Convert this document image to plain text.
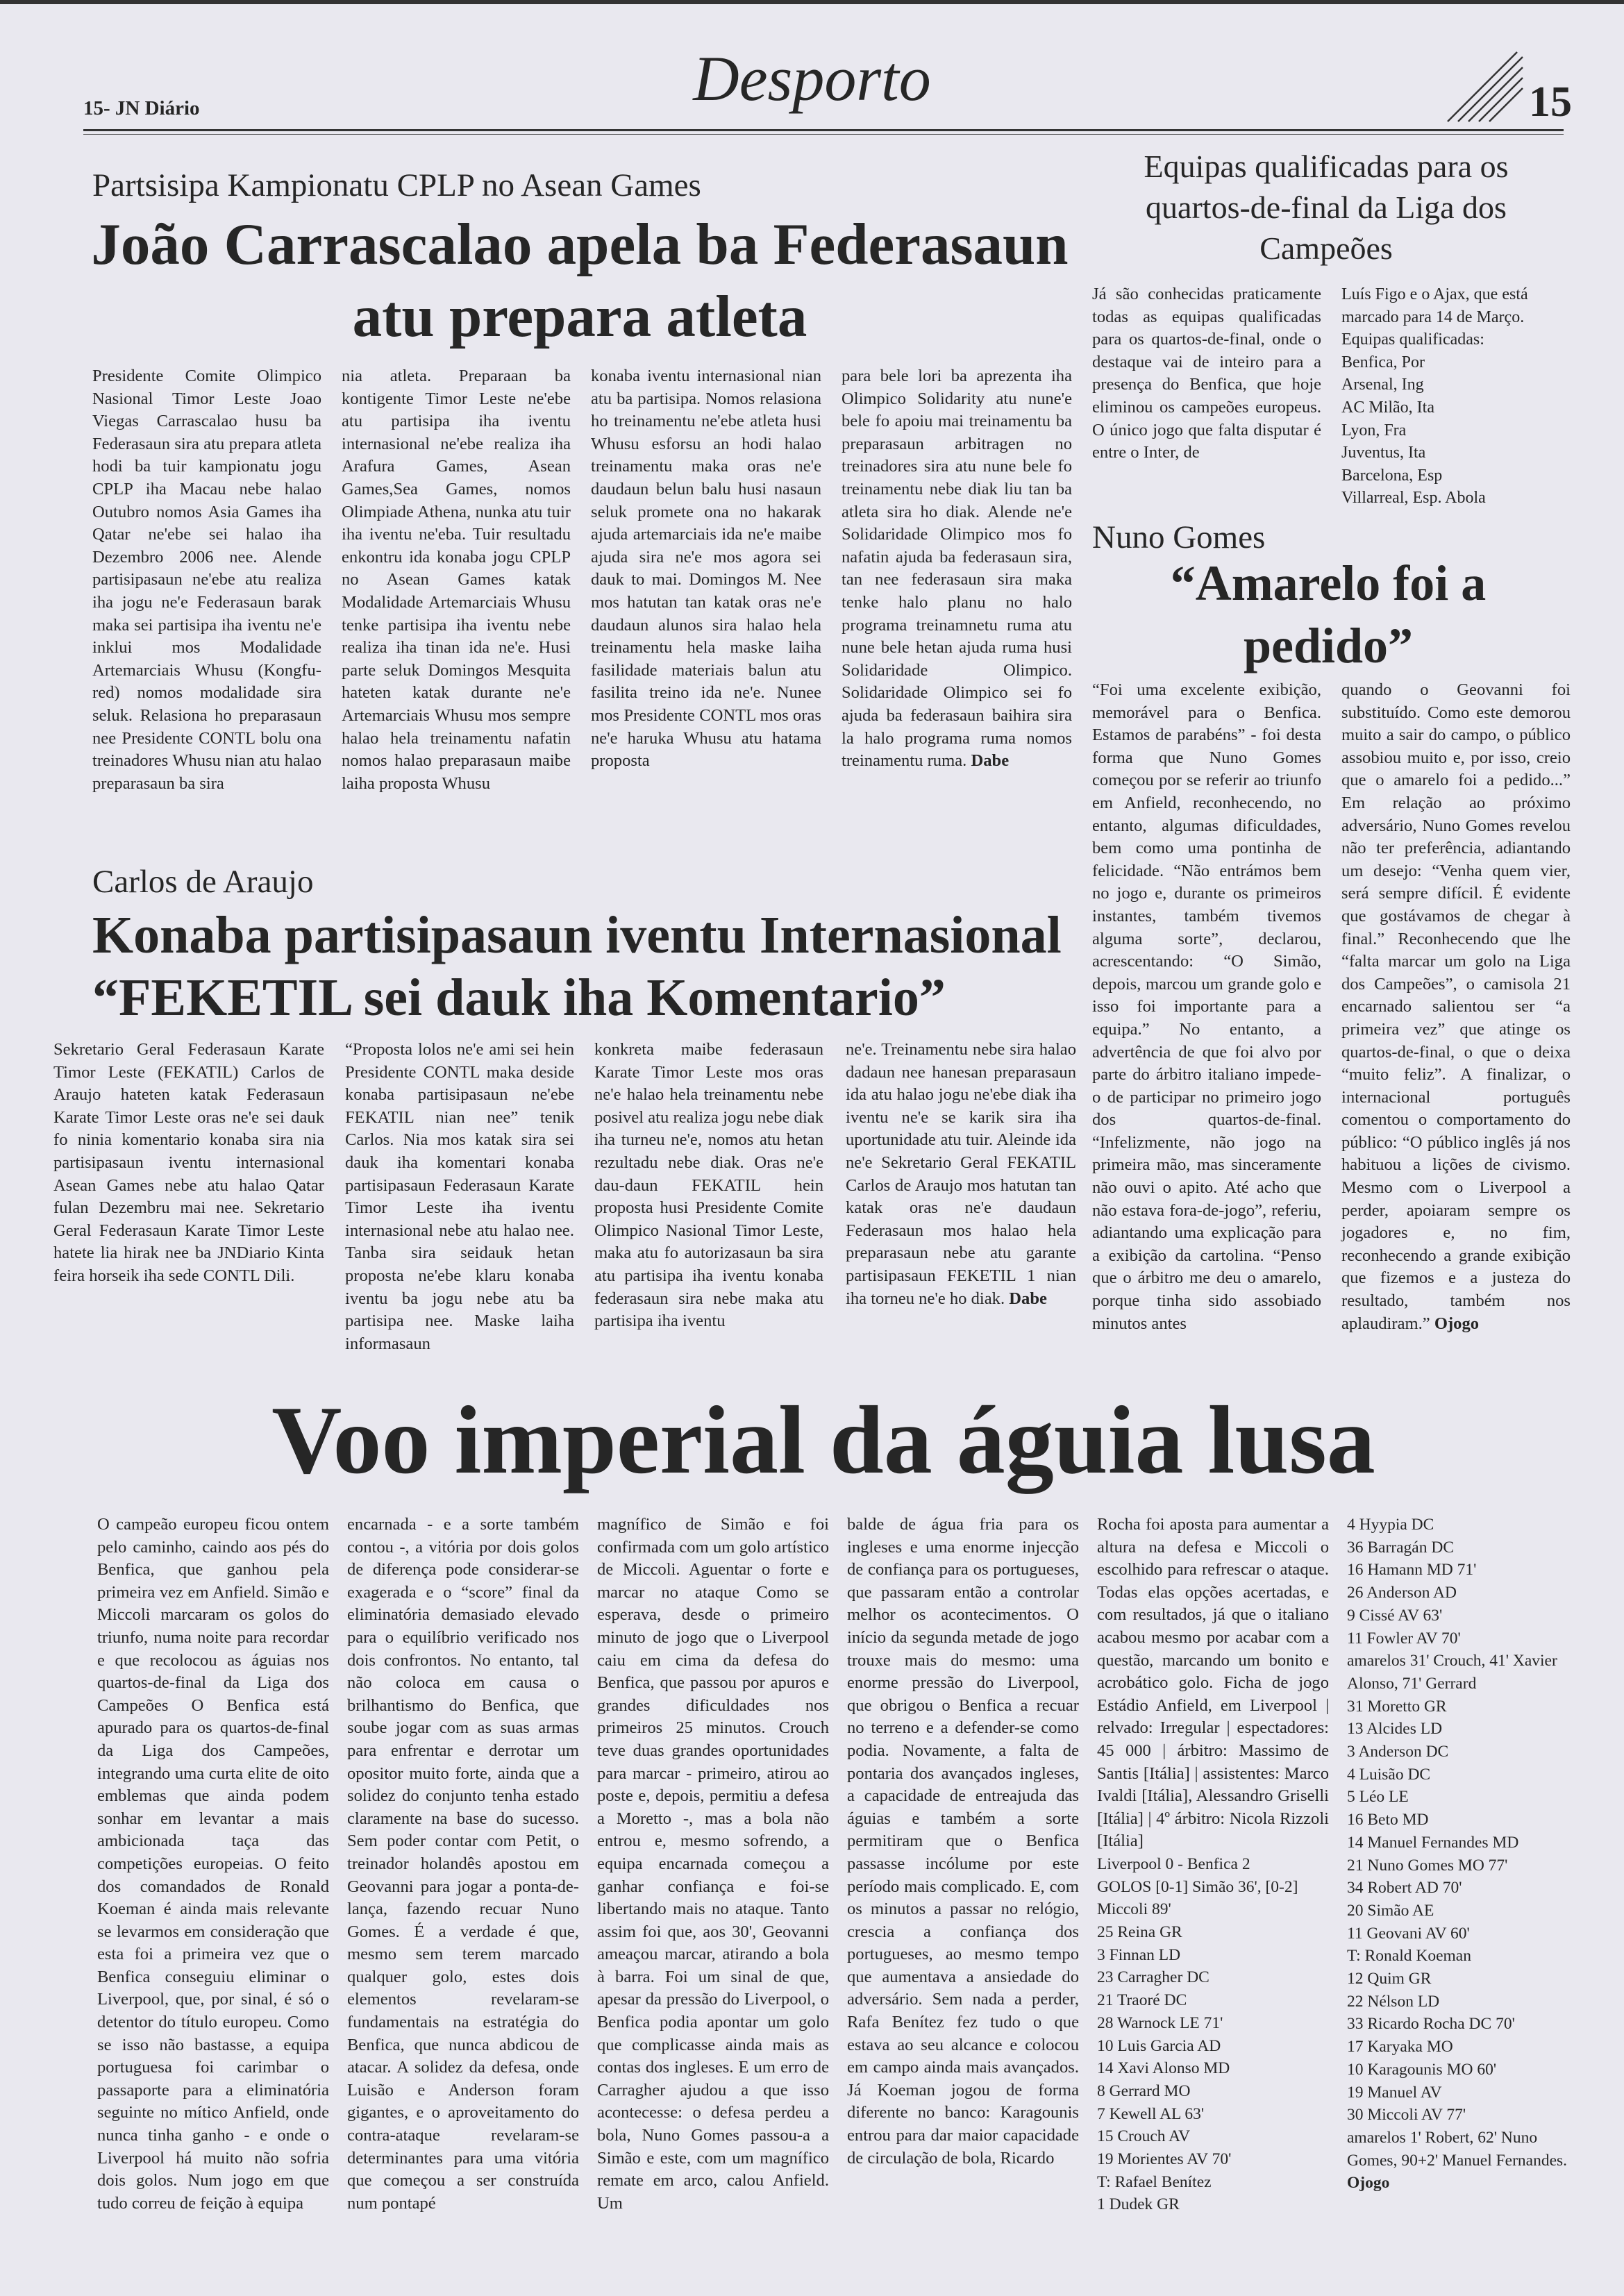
15- JN Diário	Desporto	15
Partsisipa Kampionatu CPLP no Asean Games
João Carrascalao apela ba Federasaun atu prepara atleta
Presidente Comite Olimpico Nasional Timor Leste Joao Viegas Carrascalao husu ba Federasaun sira atu prepara atleta hodi ba tuir kampionatu jogu CPLP iha Macau nebe halao Outubro nomos Asia Games iha Qatar ne'ebe sei halao iha Dezembro 2006 nee. Alende partisipasaun ne'ebe atu realiza iha jogu ne'e Federasaun barak maka sei partisipa iha iventu ne'e inklui mos Modalidade Artemarciais Whusu (Kongfu- red) nomos modalidade sira seluk. Relasiona ho preparasaun nee Presidente CONTL bolu ona treinadores Whusu nian atu halao preparasaun ba sira
nia atleta. Preparaan ba kontigente Timor Leste ne'ebe atu partisipa iha iventu internasional ne'ebe realiza iha Arafura Games, Asean Games,Sea Games, nomos Olimpiade Athena, nunka atu tuir iha iventu ne'eba. Tuir resultadu enkontru ida konaba jogu CPLP no Asean Games katak Modalidade Artemarciais Whusu tenke partisipa iha iventu nebe realiza iha tinan ida ne'e. Husi parte seluk Domingos Mesquita hateten katak durante ne'e Artemarciais Whusu mos sempre halao hela treinamentu nafatin nomos halao preparasaun maibe laiha proposta Whusu
konaba iventu internasional nian atu ba partisipa. Nomos relasiona ho treinamentu ne'ebe atleta husi Whusu esforsu an hodi halao treinamentu maka oras ne'e daudaun belun balu husi nasaun seluk promete ona no hakarak ajuda artemarciais ida ne'e maibe ajuda sira ne'e mos agora sei dauk to mai. Domingos M. Nee mos hatutan tan katak oras ne'e daudaun alunos sira halao hela treinamentu hela maske laiha fasilidade materiais balun atu fasilita treino ida ne'e. Nunee mos Presidente CONTL mos oras ne'e haruka Whusu atu hatama proposta
para bele lori ba aprezenta iha Olimpico Solidarity atu nune'e bele fo apoiu mai treinamentu ba preparasaun arbitragen no treinadores sira atu nune bele fo treinamentu nebe diak liu tan ba atleta sira ho diak. Alende ne'e Solidaridade Olimpico mos fo nafatin ajuda ba federasaun sira, tan nee federasaun sira maka tenke halo planu no halo programa treinamnetu ruma atu nune bele hetan ajuda ruma husi Solidaridade Olimpico. Solidaridade Olimpico sei fo ajuda ba federasaun baihira sira la halo programa ruma nomos treinamentu ruma. Dabe
Carlos de Araujo
Konaba partisipasaun iventu Internasional
“FEKETIL sei dauk iha Komentario”
Sekretario Geral Federasaun Karate Timor Leste (FEKATIL) Carlos de Araujo hateten katak Federasaun Karate Timor Leste oras ne'e sei dauk fo ninia komentario konaba sira nia partisipasaun iventu internasional Asean Games nebe atu halao Qatar fulan Dezembru mai nee. Sekretario Geral Federasaun Karate Timor Leste hatete lia hirak nee ba JNDiario Kinta feira horseik iha sede CONTL Dili.
“Proposta lolos ne'e ami sei hein Presidente CONTL maka deside konaba partisipasaun ne'ebe FEKATIL nian nee” tenik Carlos. Nia mos katak sira sei dauk iha komentari konaba partisipasaun Federasaun Karate Timor Leste iha iventu internasional nebe atu halao nee. Tanba sira seidauk hetan proposta ne'ebe klaru konaba iventu ba jogu nebe atu ba partisipa nee. Maske laiha informasaun
konkreta maibe federasaun Karate Timor Leste mos oras ne'e halao hela treinamentu nebe posivel atu realiza jogu nebe diak iha turneu ne'e, nomos atu hetan rezultadu nebe diak. Oras ne'e dau-daun FEKATIL hein proposta husi Presidente Comite Olimpico Nasional Timor Leste, maka atu fo autorizasaun ba sira atu partisipa iha iventu konaba federasaun sira nebe maka atu partisipa iha iventu
ne'e. Treinamentu nebe sira halao dadaun nee hanesan preparasaun ida atu halao jogu ne'ebe diak iha iventu ne'e se karik sira iha uportunidade atu tuir. Aleinde ida ne'e Sekretario Geral FEKATIL Carlos de Araujo mos hatutan tan katak oras ne'e daudaun Federasaun mos halao hela preparasaun nebe atu garante partisipasaun FEKETIL 1 nian iha torneu ne'e ho diak. Dabe
Equipas qualificadas para os
quartos-de-final da Liga dos
Campeões
Já são conhecidas praticamente todas as equipas qualificadas para os quartos-de-final, onde o destaque vai de inteiro para a presença do Benfica, que hoje eliminou os campeões europeus. O único jogo que falta disputar é entre o Inter, de
Luís Figo e o Ajax, que está
marcado para 14 de Março.
Equipas qualificadas:
Benfica, Por
Arsenal, Ing
AC Milão, Ita
Lyon, Fra
Juventus, Ita
Barcelona, Esp
Villarreal, Esp. Abola
Nuno Gomes
“Amarelo foi a
pedido”
“Foi uma excelente exibição, memorável para o Benfica. Estamos de parabéns” - foi desta forma que Nuno Gomes começou por se referir ao triunfo em Anfield, reconhecendo, no entanto, algumas dificuldades, bem como uma pontinha de felicidade. “Não entrámos bem no jogo e, durante os primeiros instantes, também tivemos alguma sorte”, declarou, acrescentando: “O Simão, depois, marcou um grande golo e isso foi importante para a equipa.” No entanto, a advertência de que foi alvo por parte do árbitro italiano impede-o de participar no primeiro jogo dos quartos-de-final. “Infelizmente, não jogo na primeira mão, mas sinceramente não ouvi o apito. Até acho que não estava fora-de-jogo”, referiu, adiantando uma explicação para a exibição da cartolina. “Penso que o árbitro me deu o amarelo, porque tinha sido assobiado minutos antes
quando o Geovanni foi substituído. Como este demorou muito a sair do campo, o público assobiou muito e, por isso, creio que o amarelo foi a pedido...” Em relação ao próximo adversário, Nuno Gomes revelou não ter preferência, adiantando um desejo: “Venha quem vier, será sempre difícil. É evidente que gostávamos de chegar à final.” Reconhecendo que lhe “falta marcar um golo na Liga dos Campeões”, o camisola 21 encarnado salientou ser “a primeira vez” que atinge os quartos-de-final, o que o deixa “muito feliz”. A finalizar, o internacional português comentou o comportamento do público: “O público inglês já nos habituou a lições de civismo. Mesmo com o Liverpool a perder, apoiaram sempre os jogadores e, no fim, reconhecendo a grande exibição que fizemos e a justeza do resultado, também nos aplaudiram.” Ojogo
Voo imperial da águia lusa
O campeão europeu ficou ontem pelo caminho, caindo aos pés do Benfica, que ganhou pela primeira vez em Anfield. Simão e Miccoli marcaram os golos do triunfo, numa noite para recordar e que recolocou as águias nos quartos-de-final da Liga dos Campeões O Benfica está apurado para os quartos-de-final da Liga dos Campeões, integrando uma curta elite de oito emblemas que ainda podem sonhar em levantar a mais ambicionada taça das competições europeias. O feito dos comandados de Ronald Koeman é ainda mais relevante se levarmos em consideração que esta foi a primeira vez que o Benfica conseguiu eliminar o Liverpool, que, por sinal, é só o detentor do título europeu. Como se isso não bastasse, a equipa portuguesa foi carimbar o passaporte para a eliminatória seguinte no mítico Anfield, onde nunca tinha ganho - e onde o Liverpool há muito não sofria dois golos. Num jogo em que tudo correu de feição à equipa
encarnada - e a sorte também contou -, a vitória por dois golos de diferença pode considerar-se exagerada e o “score” final da eliminatória demasiado elevado para o equilíbrio verificado nos dois confrontos. No entanto, tal não coloca em causa o brilhantismo do Benfica, que soube jogar com as suas armas para enfrentar e derrotar um opositor muito forte, ainda que a solidez do conjunto tenha estado claramente na base do sucesso. Sem poder contar com Petit, o treinador holandês apostou em Geovanni para jogar a ponta-de-lança, fazendo recuar Nuno Gomes. É a verdade é que, mesmo sem terem marcado qualquer golo, estes dois elementos revelaram-se fundamentais na estratégia do Benfica, que nunca abdicou de atacar. A solidez da defesa, onde Luisão e Anderson foram gigantes, e o aproveitamento do contra-ataque revelaram-se determinantes para uma vitória que começou a ser construída num pontapé
magnífico de Simão e foi confirmada com um golo artístico de Miccoli. Aguentar o forte e marcar no ataque Como se esperava, desde o primeiro minuto de jogo que o Liverpool caiu em cima da defesa do Benfica, que passou por apuros e grandes dificuldades nos primeiros 25 minutos. Crouch teve duas grandes oportunidades para marcar - primeiro, atirou ao poste e, depois, permitiu a defesa a Moretto -, mas a bola não entrou e, mesmo sofrendo, a equipa encarnada começou a ganhar confiança e foi-se libertando mais no ataque. Tanto assim foi que, aos 30', Geovanni ameaçou marcar, atirando a bola à barra. Foi um sinal de que, apesar da pressão do Liverpool, o Benfica podia apontar um golo que complicasse ainda mais as contas dos ingleses. E um erro de Carragher ajudou a que isso acontecesse: o defesa perdeu a bola, Nuno Gomes passou-a a Simão e este, com um magnífico remate em arco, calou Anfield. Um
balde de água fria para os ingleses e uma enorme injecção de confiança para os portugueses, que passaram então a controlar melhor os acontecimentos. O início da segunda metade de jogo trouxe mais do mesmo: uma enorme pressão do Liverpool, que obrigou o Benfica a recuar no terreno e a defender-se como podia. Novamente, a falta de pontaria dos avançados ingleses, a capacidade de entreajuda das águias e também a sorte permitiram que o Benfica passasse incólume por este período mais complicado. E, com os minutos a passar no relógio, crescia a confiança dos portugueses, ao mesmo tempo que aumentava a ansiedade do adversário. Sem nada a perder, Rafa Benítez fez tudo o que estava ao seu alcance e colocou em campo ainda mais avançados. Já Koeman jogou de forma diferente no banco: Karagounis entrou para dar maior capacidade de circulação de bola, Ricardo
Rocha foi aposta para aumentar a altura na defesa e Miccoli o escolhido para refrescar o ataque. Todas elas opções acertadas, e com resultados, já que o italiano acabou mesmo por acabar com a questão, marcando um bonito e acrobático golo. Ficha de jogo Estádio Anfield, em Liverpool | relvado: Irregular | espectadores: 45 000 | árbitro: Massimo de Santis [Itália] | assistentes: Marco Ivaldi [Itália], Alessandro Griselli [Itália] | 4º árbitro: Nicola Rizzoli [Itália]
Liverpool 0 - Benfica 2
GOLOS [0-1] Simão 36', [0-2]
Miccoli 89'
25 Reina GR
3 Finnan LD
23 Carragher DC
21 Traoré DC
28 Warnock LE 71'
10 Luis Garcia AD
14 Xavi Alonso MD
8 Gerrard MO
7 Kewell AL 63'
15 Crouch AV
19 Morientes AV 70'
T: Rafael Benítez
1 Dudek GR
4 Hyypia DC
36 Barragán DC
16 Hamann MD 71'
26 Anderson AD
9 Cissé AV 63'
11 Fowler AV 70'
amarelos 31' Crouch, 41' Xavier
Alonso, 71' Gerrard
31 Moretto GR
13 Alcides LD
3 Anderson DC
4 Luisão DC
5 Léo LE
16 Beto MD
14 Manuel Fernandes MD
21 Nuno Gomes MO 77'
34 Robert AD 70'
20 Simão AE
11 Geovani AV 60'
T: Ronald Koeman
12 Quim GR
22 Nélson LD
33 Ricardo Rocha DC 70'
17 Karyaka MO
10 Karagounis MO 60'
19 Manuel AV
30 Miccoli AV 77'
amarelos 1' Robert, 62' Nuno
Gomes, 90+2' Manuel Fernandes.
Ojogo
